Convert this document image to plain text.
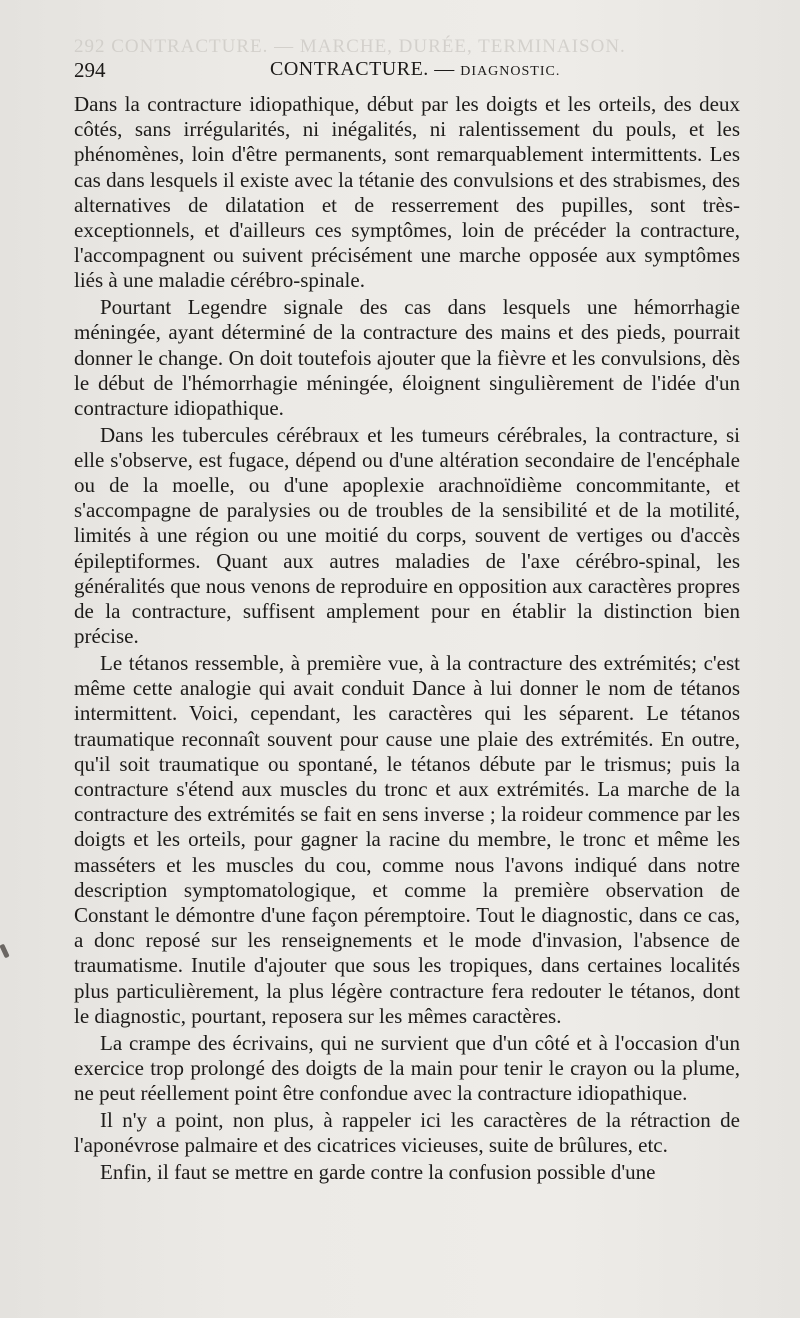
292 CONTRACTURE. — MARCHE, DURÉE, TERMINAISON.
294	CONTRACTURE. — DIAGNOSTIC.

Dans la contracture idiopathique, début par les doigts et les orteils, des deux côtés, sans irrégularités, ni inégalités, ni ralentissement du pouls, et les phénomènes, loin d'être permanents, sont remarquablement intermittents. Les cas dans lesquels il existe avec la tétanie des convulsions et des strabismes, des alternatives de dilatation et de resserrement des pupilles, sont très-exceptionnels, et d'ailleurs ces symptômes, loin de précéder la contracture, l'accompagnent ou suivent précisément une marche opposée aux symptômes liés à une maladie cérébro-spinale.

Pourtant Legendre signale des cas dans lesquels une hémorrhagie méningée, ayant déterminé de la contracture des mains et des pieds, pourrait donner le change. On doit toutefois ajouter que la fièvre et les convulsions, dès le début de l'hémorrhagie méningée, éloignent singulièrement de l'idée d'un contracture idiopathique.

Dans les tubercules cérébraux et les tumeurs cérébrales, la contracture, si elle s'observe, est fugace, dépend ou d'une altération secondaire de l'encéphale ou de la moelle, ou d'une apoplexie arachnoïdième concommitante, et s'accompagne de paralysies ou de troubles de la sensibilité et de la motilité, limités à une région ou une moitié du corps, souvent de vertiges ou d'accès épileptiformes. Quant aux autres maladies de l'axe cérébro-spinal, les généralités que nous venons de reproduire en opposition aux caractères propres de la contracture, suffisent amplement pour en établir la distinction bien précise.

Le tétanos ressemble, à première vue, à la contracture des extrémités; c'est même cette analogie qui avait conduit Dance à lui donner le nom de tétanos intermittent. Voici, cependant, les caractères qui les séparent. Le tétanos traumatique reconnaît souvent pour cause une plaie des extrémités. En outre, qu'il soit traumatique ou spontané, le tétanos débute par le trismus; puis la contracture s'étend aux muscles du tronc et aux extrémités. La marche de la contracture des extrémités se fait en sens inverse ; la roideur commence par les doigts et les orteils, pour gagner la racine du membre, le tronc et même les masséters et les muscles du cou, comme nous l'avons indiqué dans notre description symptomatologique, et comme la première observation de Constant le démontre d'une façon péremptoire. Tout le diagnostic, dans ce cas, a donc reposé sur les renseignements et le mode d'invasion, l'absence de traumatisme. Inutile d'ajouter que sous les tropiques, dans certaines localités plus particulièrement, la plus légère contracture fera redouter le tétanos, dont le diagnostic, pourtant, reposera sur les mêmes caractères.

La crampe des écrivains, qui ne survient que d'un côté et à l'occasion d'un exercice trop prolongé des doigts de la main pour tenir le crayon ou la plume, ne peut réellement point être confondue avec la contracture idiopathique.

Il n'y a point, non plus, à rappeler ici les caractères de la rétraction de l'aponévrose palmaire et des cicatrices vicieuses, suite de brûlures, etc.

Enfin, il faut se mettre en garde contre la confusion possible d'une
